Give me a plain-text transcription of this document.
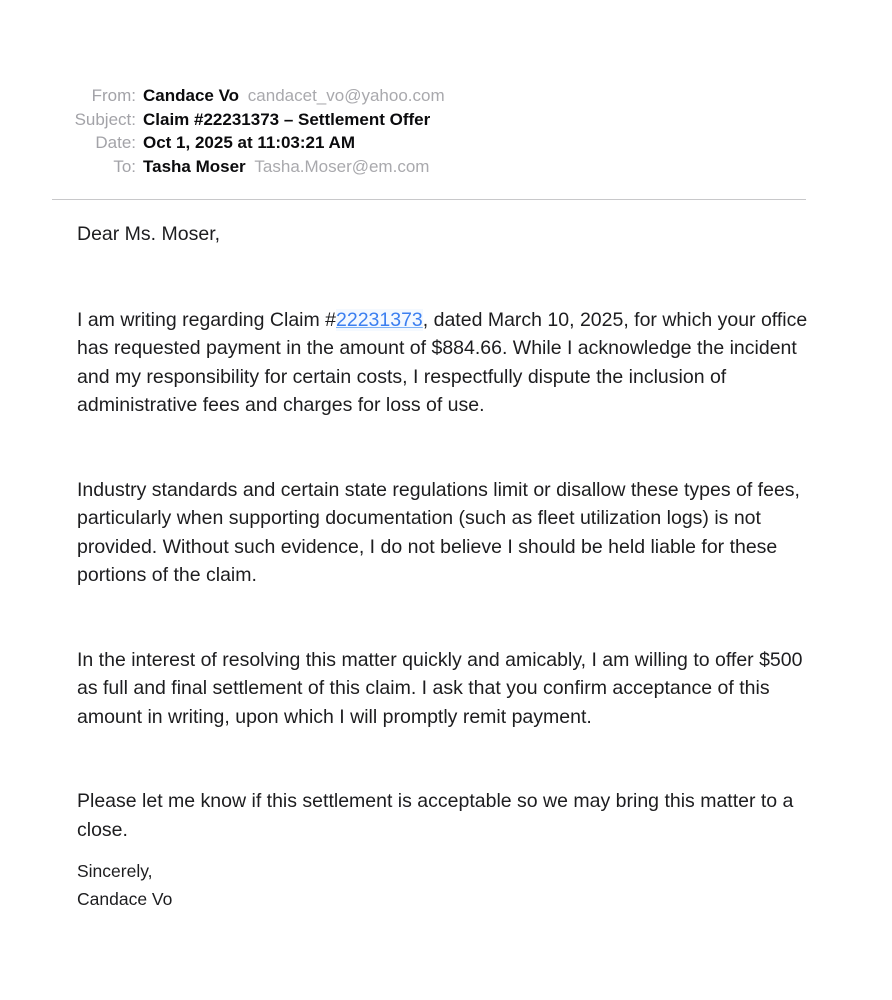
From: Candace Vo candacet_vo@yahoo.com
Subject: Claim #22231373 – Settlement Offer
Date: Oct 1, 2025 at 11:03:21 AM
To: Tasha Moser Tasha.Moser@em.com

Dear Ms. Moser,

I am writing regarding Claim #22231373, dated March 10, 2025, for which your office has requested payment in the amount of $884.66. While I acknowledge the incident and my responsibility for certain costs, I respectfully dispute the inclusion of administrative fees and charges for loss of use.

Industry standards and certain state regulations limit or disallow these types of fees, particularly when supporting documentation (such as fleet utilization logs) is not provided. Without such evidence, I do not believe I should be held liable for these portions of the claim.

In the interest of resolving this matter quickly and amicably, I am willing to offer $500 as full and final settlement of this claim. I ask that you confirm acceptance of this amount in writing, upon which I will promptly remit payment.

Please let me know if this settlement is acceptable so we may bring this matter to a close.

Sincerely,
Candace Vo
